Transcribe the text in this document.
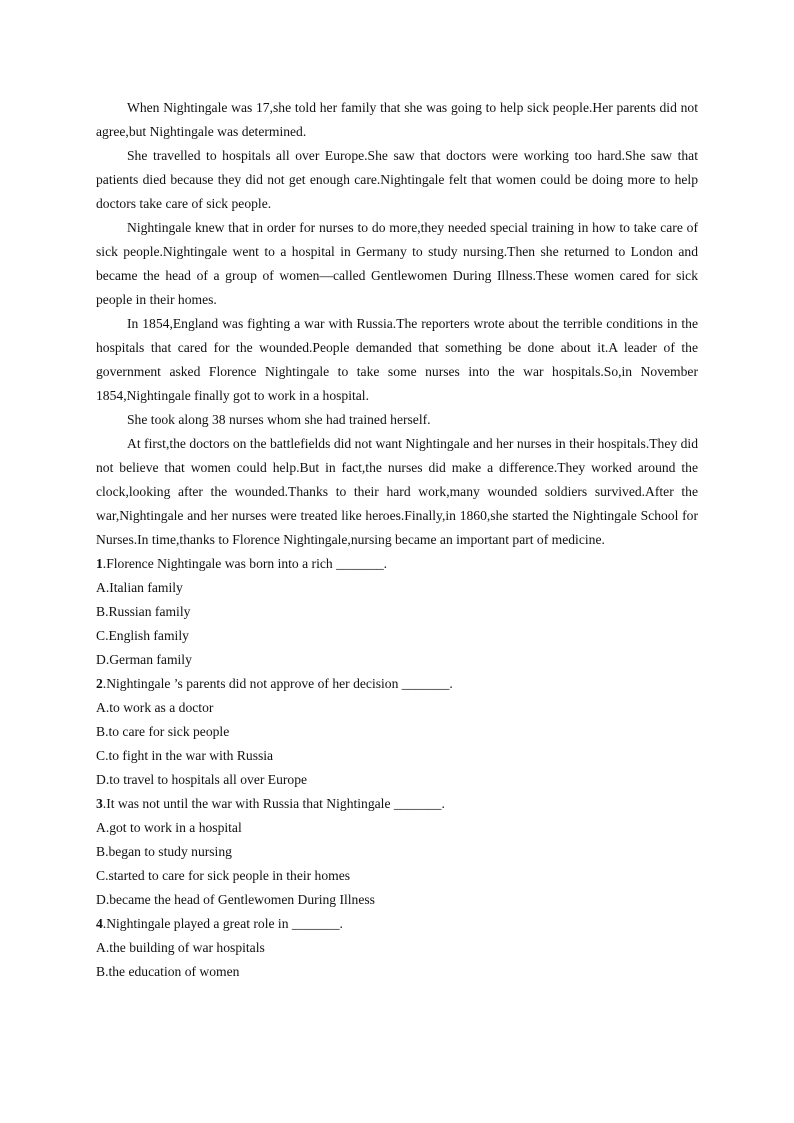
When Nightingale was 17,she told her family that she was going to help sick people.Her parents did not agree,but Nightingale was determined.

She travelled to hospitals all over Europe.She saw that doctors were working too hard.She saw that patients died because they did not get enough care.Nightingale felt that women could be doing more to help doctors take care of sick people.

Nightingale knew that in order for nurses to do more,they needed special training in how to take care of sick people.Nightingale went to a hospital in Germany to study nursing.Then she returned to London and became the head of a group of women—called Gentlewomen During Illness.These women cared for sick people in their homes.

In 1854,England was fighting a war with Russia.The reporters wrote about the terrible conditions in the hospitals that cared for the wounded.People demanded that something be done about it.A leader of the government asked Florence Nightingale to take some nurses into the war hospitals.So,in November 1854,Nightingale finally got to work in a hospital.

She took along 38 nurses whom she had trained herself.

At first,the doctors on the battlefields did not want Nightingale and her nurses in their hospitals.They did not believe that women could help.But in fact,the nurses did make a difference.They worked around the clock,looking after the wounded.Thanks to their hard work,many wounded soldiers survived.After the war,Nightingale and her nurses were treated like heroes.Finally,in 1860,she started the Nightingale School for Nurses.In time,thanks to Florence Nightingale,nursing became an important part of medicine.

1.Florence Nightingale was born into a rich _______.

A.Italian family

B.Russian family

C.English family

D.German family

2.Nightingale ’s parents did not approve of her decision _______.

A.to work as a doctor

B.to care for sick people

C.to fight in the war with Russia

D.to travel to hospitals all over Europe

3.It was not until the war with Russia that Nightingale _______.

A.got to work in a hospital

B.began to study nursing

C.started to care for sick people in their homes

D.became the head of Gentlewomen During Illness

4.Nightingale played a great role in _______.

A.the building of war hospitals

B.the education of women
